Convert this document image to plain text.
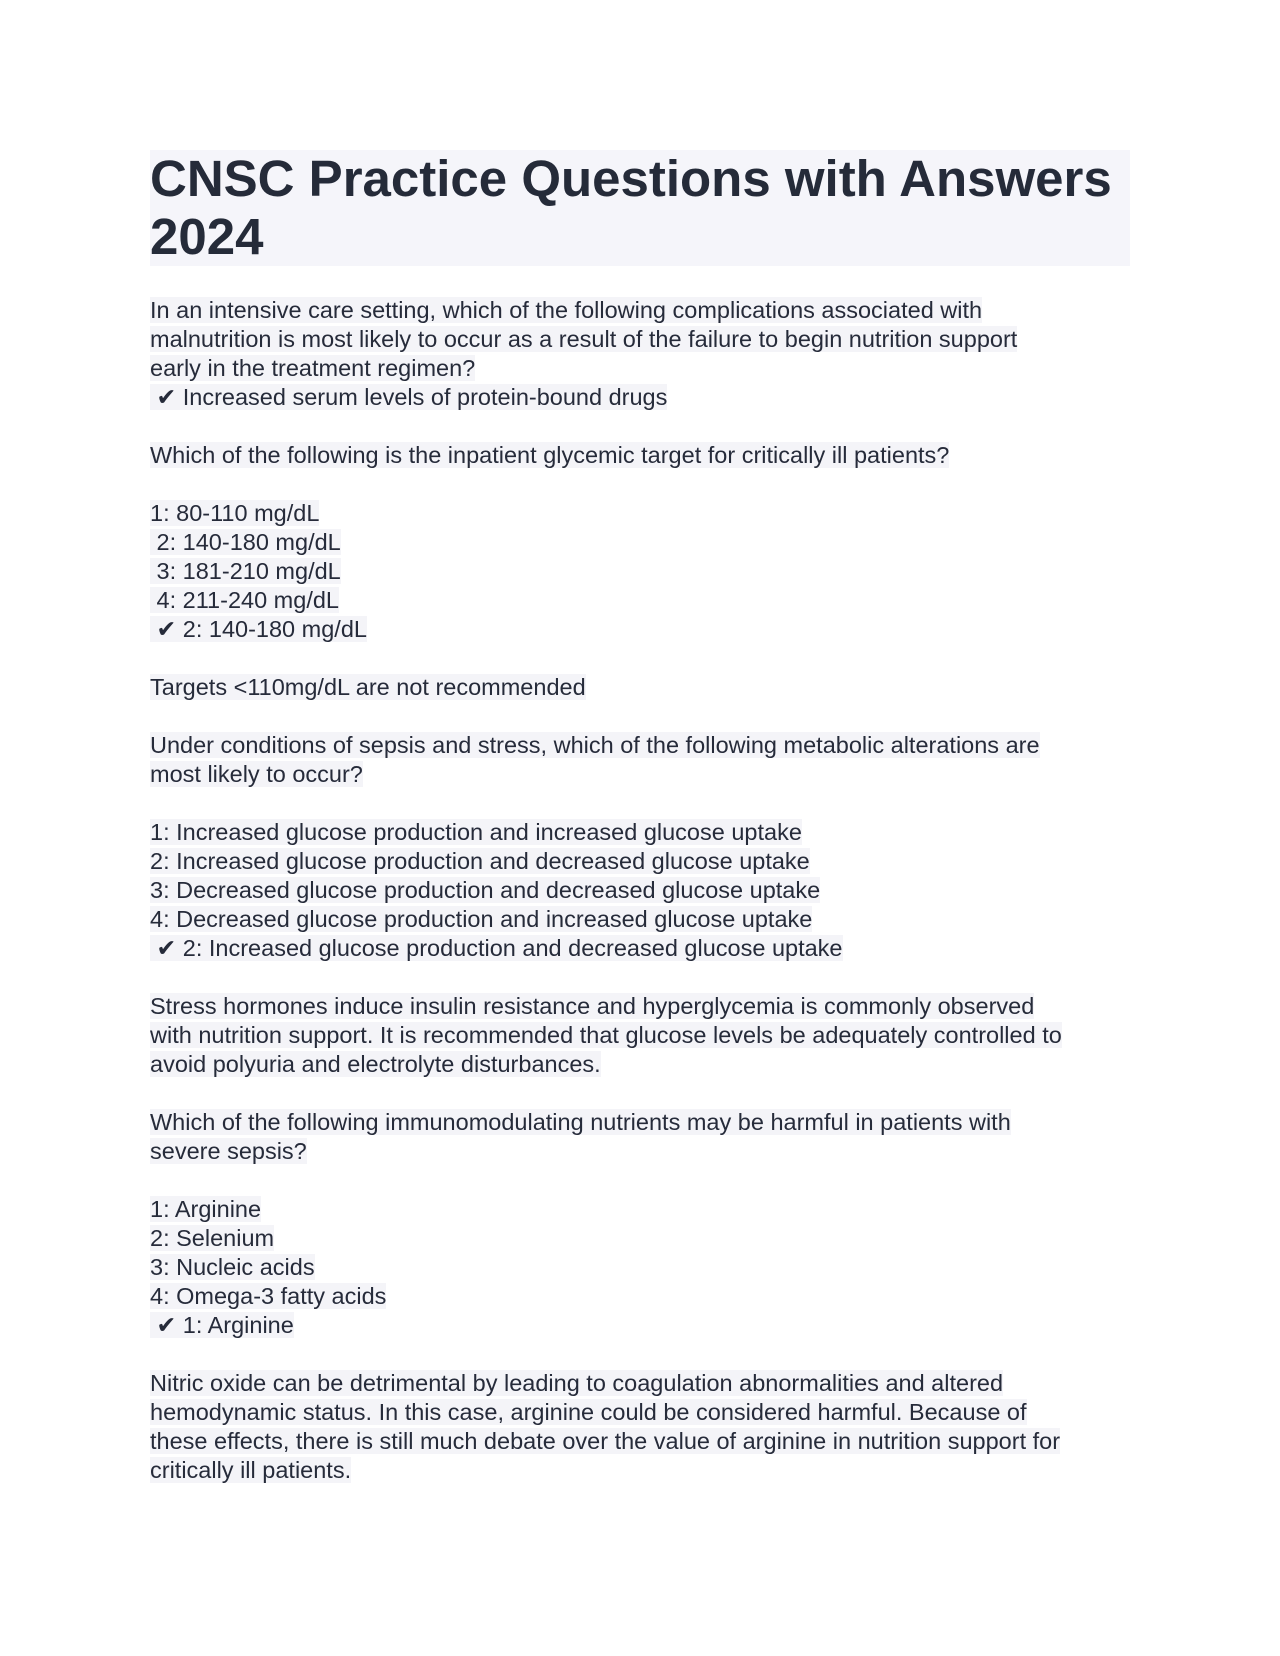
CNSC Practice Questions with Answers 2024
In an intensive care setting, which of the following complications associated with
malnutrition is most likely to occur as a result of the failure to begin nutrition support
early in the treatment regimen?
✔ Increased serum levels of protein-bound drugs
Which of the following is the inpatient glycemic target for critically ill patients?
1: 80-110 mg/dL
2: 140-180 mg/dL
3: 181-210 mg/dL
4: 211-240 mg/dL
✔ 2: 140-180 mg/dL
Targets <110mg/dL are not recommended
Under conditions of sepsis and stress, which of the following metabolic alterations are
most likely to occur?
1: Increased glucose production and increased glucose uptake
2: Increased glucose production and decreased glucose uptake
3: Decreased glucose production and decreased glucose uptake
4: Decreased glucose production and increased glucose uptake
✔ 2: Increased glucose production and decreased glucose uptake
Stress hormones induce insulin resistance and hyperglycemia is commonly observed
with nutrition support. It is recommended that glucose levels be adequately controlled to
avoid polyuria and electrolyte disturbances.
Which of the following immunomodulating nutrients may be harmful in patients with
severe sepsis?
1: Arginine
2: Selenium
3: Nucleic acids
4: Omega-3 fatty acids
✔ 1: Arginine
Nitric oxide can be detrimental by leading to coagulation abnormalities and altered
hemodynamic status. In this case, arginine could be considered harmful. Because of
these effects, there is still much debate over the value of arginine in nutrition support for
critically ill patients.
